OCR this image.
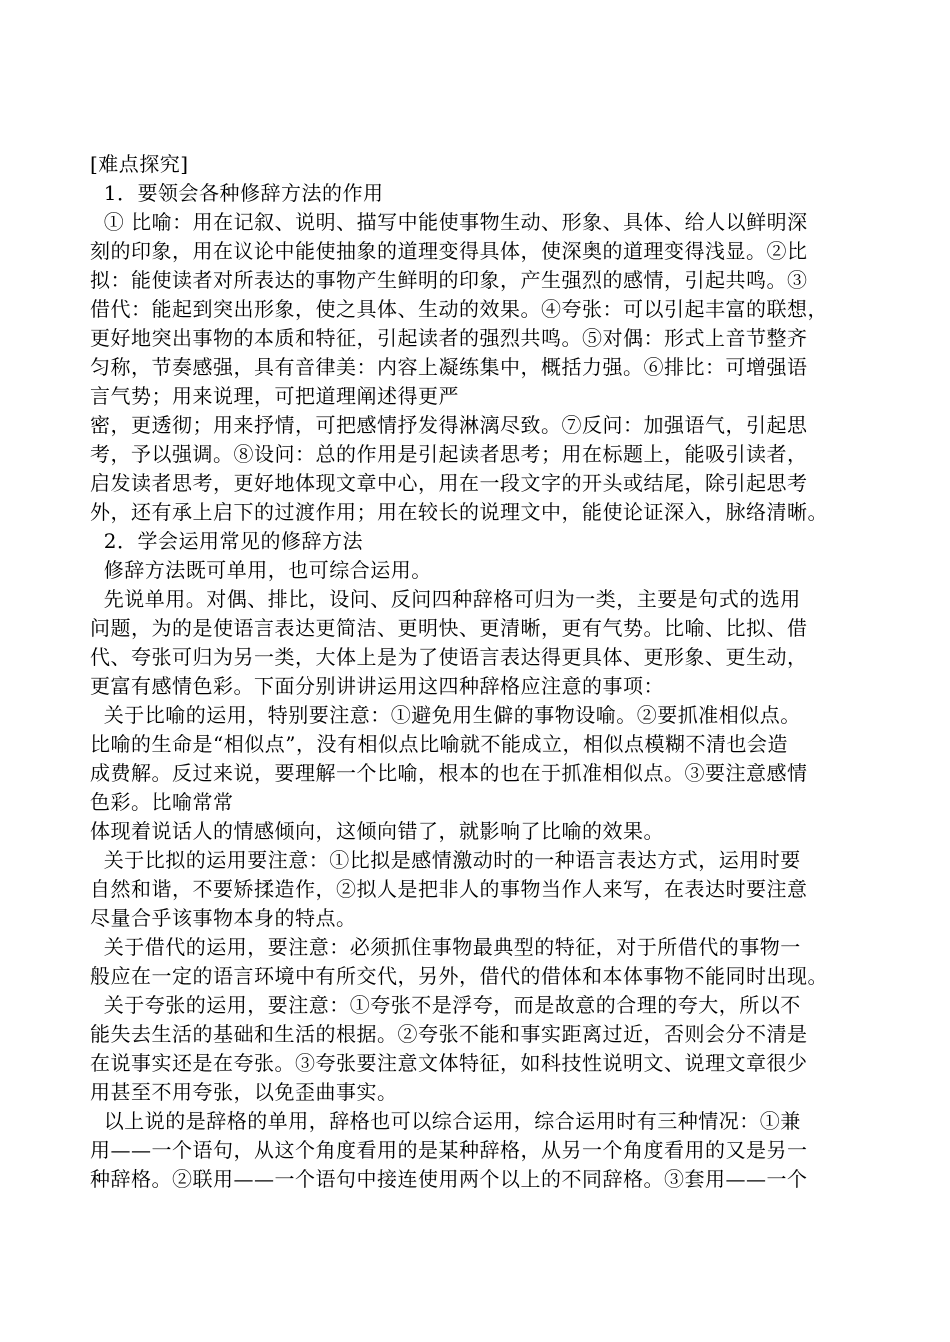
[难点探究]
1．要领会各种修辞方法的作用
① 比喻：用在记叙、说明、描写中能使事物生动、形象、具体、给人以鲜明深
刻的印象，用在议论中能使抽象的道理变得具体，使深奥的道理变得浅显。②比
拟：能使读者对所表达的事物产生鲜明的印象，产生强烈的感情，引起共鸣。③
借代：能起到突出形象，使之具体、生动的效果。④夸张：可以引起丰富的联想，
更好地突出事物的本质和特征，引起读者的强烈共鸣。⑤对偶：形式上音节整齐
匀称，节奏感强，具有音律美：内容上凝练集中，概括力强。⑥排比：可增强语
言气势；用来说理，可把道理阐述得更严
密，更透彻；用来抒情，可把感情抒发得淋漓尽致。⑦反问：加强语气，引起思
考，予以强调。⑧设问：总的作用是引起读者思考；用在标题上，能吸引读者，
启发读者思考，更好地体现文章中心，用在一段文字的开头或结尾，除引起思考
外，还有承上启下的过渡作用；用在较长的说理文中，能使论证深入，脉络清晰。
2．学会运用常见的修辞方法
修辞方法既可单用，也可综合运用。
先说单用。对偶、排比，设问、反问四种辞格可归为一类，主要是句式的选用
问题，为的是使语言表达更简洁、更明快、更清晰，更有气势。比喻、比拟、借
代、夸张可归为另一类，大体上是为了使语言表达得更具体、更形象、更生动，
更富有感情色彩。下面分别讲讲运用这四种辞格应注意的事项：
关于比喻的运用，特别要注意：①避免用生僻的事物设喻。②要抓准相似点。
比喻的生命是“相似点”，没有相似点比喻就不能成立，相似点模糊不清也会造
成费解。反过来说，要理解一个比喻，根本的也在于抓准相似点。③要注意感情
色彩。比喻常常
体现着说话人的情感倾向，这倾向错了，就影响了比喻的效果。
关于比拟的运用要注意：①比拟是感情激动时的一种语言表达方式，运用时要
自然和谐，不要矫揉造作，②拟人是把非人的事物当作人来写，在表达时要注意
尽量合乎该事物本身的特点。
关于借代的运用，要注意：必须抓住事物最典型的特征，对于所借代的事物一
般应在一定的语言环境中有所交代，另外，借代的借体和本体事物不能同时出现。
关于夸张的运用，要注意：①夸张不是浮夸，而是故意的合理的夸大，所以不
能失去生活的基础和生活的根据。②夸张不能和事实距离过近，否则会分不清是
在说事实还是在夸张。③夸张要注意文体特征，如科技性说明文、说理文章很少
用甚至不用夸张，以免歪曲事实。
以上说的是辞格的单用，辞格也可以综合运用，综合运用时有三种情况：①兼
用——一个语句，从这个角度看用的是某种辞格，从另一个角度看用的又是另一
种辞格。②联用——一个语句中接连使用两个以上的不同辞格。③套用——一个
